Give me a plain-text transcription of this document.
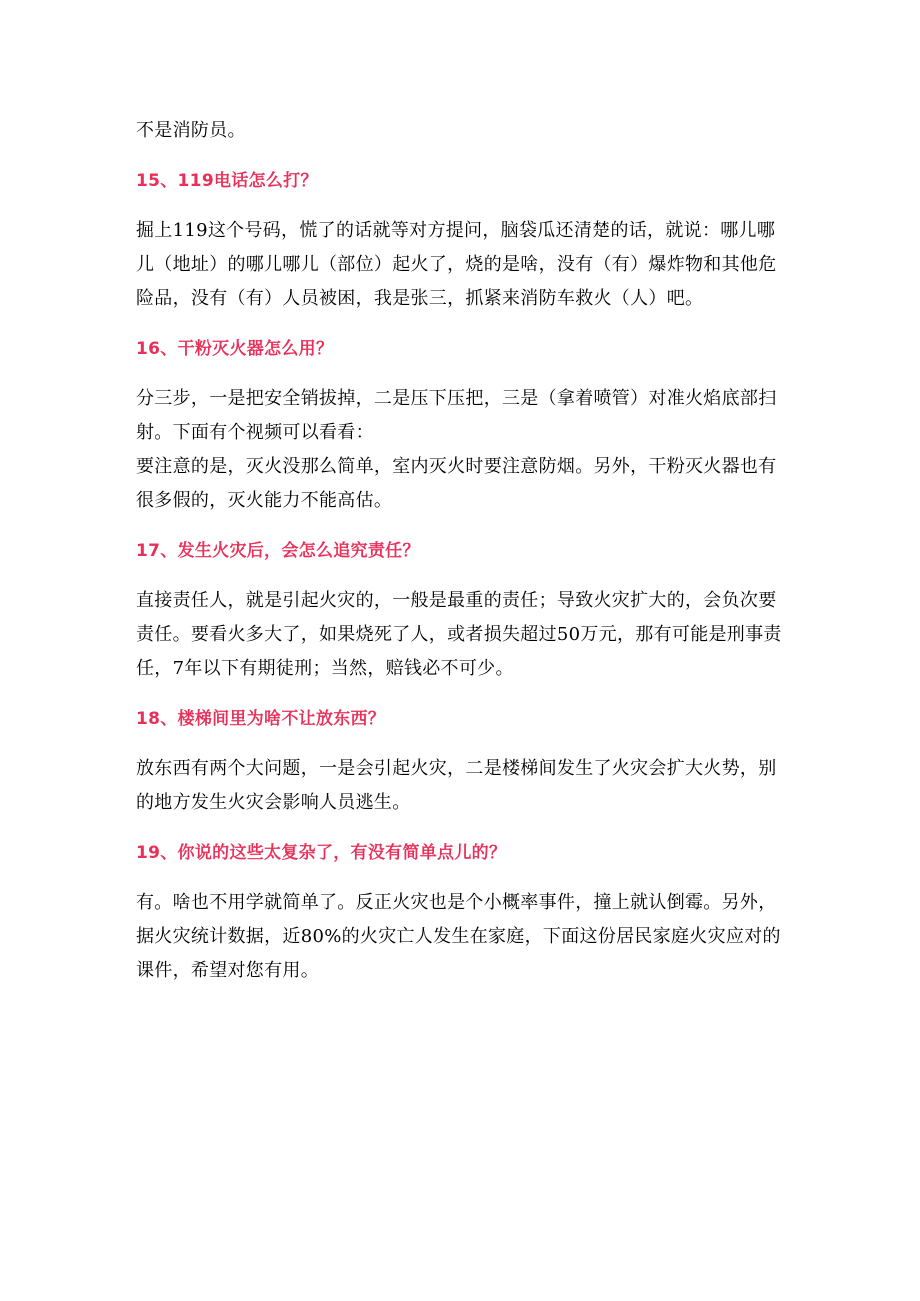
不是消防员。

15、119电话怎么打？

掘上119这个号码，慌了的话就等对方提问，脑袋瓜还清楚的话，就说：哪儿哪儿（地址）的哪儿哪儿（部位）起火了，烧的是啥，没有（有）爆炸物和其他危险品，没有（有）人员被困，我是张三，抓紧来消防车救火（人）吧。

16、干粉灭火器怎么用？

分三步，一是把安全销拔掉，二是压下压把，三是（拿着喷管）对准火焰底部扫射。下面有个视频可以看看：

要注意的是，灭火没那么简单，室内灭火时要注意防烟。另外，干粉灭火器也有很多假的，灭火能力不能高估。

17、发生火灾后，会怎么追究责任？

直接责任人，就是引起火灾的，一般是最重的责任；导致火灾扩大的，会负次要责任。要看火多大了，如果烧死了人，或者损失超过50万元，那有可能是刑事责任，7年以下有期徒刑；当然，赔钱必不可少。

18、楼梯间里为啥不让放东西？

放东西有两个大问题，一是会引起火灾，二是楼梯间发生了火灾会扩大火势，别的地方发生火灾会影响人员逃生。

19、你说的这些太复杂了，有没有简单点儿的？

有。啥也不用学就简单了。反正火灾也是个小概率事件，撞上就认倒霉。另外，据火灾统计数据，近80%的火灾亡人发生在家庭，下面这份居民家庭火灾应对的课件，希望对您有用。
